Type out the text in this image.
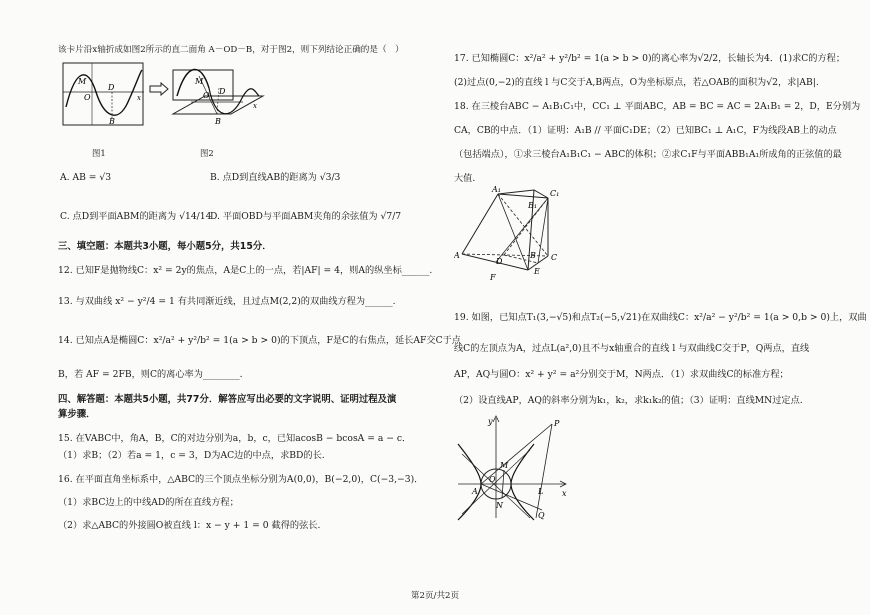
该卡片沿x轴折成如图2所示的直二面角 A－OD－B，对于图2，则下列结论正确的是（　）
M
O
D
B
x
图1
M
O D
B
x
图2
A. AB = √3	B. 点D到直线AB的距离为 √3/3
C. 点D到平面ABM的距离为 √14/14
D. 平面OBD与平面ABM夹角的余弦值为 √7/7
三、填空题：本题共3小题，每小题5分，共15分．
12. 已知F是抛物线C：x² = 2y的焦点，A是C上的一点，若|AF| = 4，则A的纵坐标______.
13. 与双曲线 x² − y²/4 = 1 有共同渐近线，且过点M(2,2)的双曲线方程为______.
14. 已知点A是椭圆C：x²/a² + y²/b² = 1(a > b > 0)的下顶点，F是C的右焦点，延长AF交C于点
B，若 AF = 2FB，则C的离心率为________.
四、解答题：本题共5小题，共77分．解答应写出必要的文字说明、证明过程及演
算步骤．
15. 在VABC中，角A，B，C的对边分别为a，b，c，已知acosB − bcosA = a − c．
（1）求B；（2）若a = 1，c = 3，D为AC边的中点，求BD的长.
16. 在平面直角坐标系中，△ABC的三个顶点坐标分别为A(0,0)，B(−2,0)，C(−3,−3)．
（1）求BC边上的中线AD的所在直线方程；
（2）求△ABC的外接圆O被直线 l：x − y + 1 = 0 截得的弦长.
17. 已知椭圆C：x²/a² + y²/b² = 1(a > b > 0)的离心率为√2/2，长轴长为4．(1)求C的方程；
(2)过点(0,−2)的直线 l 与C交于A,B两点，O为坐标原点，若△OAB的面积为√2，求|AB|.
18. 在三棱台ABC − A₁B₁C₁中，CC₁ ⊥ 平面ABC，AB = BC = AC = 2A₁B₁ = 2，D，E分别为
CA，CB的中点．（1）证明：A₁B // 平面C₁DE；（2）已知BC₁ ⊥ A₁C，F为线段AB上的动点
（包括端点），①求三棱台A₁B₁C₁ − ABC的体积；②求C₁F与平面ABB₁A₁所成角的正弦值的最
大值.
A₁
B₁
C₁
A	B C
D
E
F
19. 如图，已知点T₁(3,−√5)和点T₂(−5,√21)在双曲线C：x²/a² − y²/b² = 1(a > 0,b > 0)上，双曲
线C的左顶点为A，过点L(a²,0)且不与x轴重合的直线 l 与双曲线C交于P，Q两点，直线
AP，AQ与圆O：x² + y² = a²分别交于M，N两点．（1）求双曲线C的标准方程；
（2）设直线AP，AQ的斜率分别为k₁，k₂，求k₁k₂的值；（3）证明：直线MN过定点.
y
x
P
M
A
O
L
N
Q
第2页/共2页
